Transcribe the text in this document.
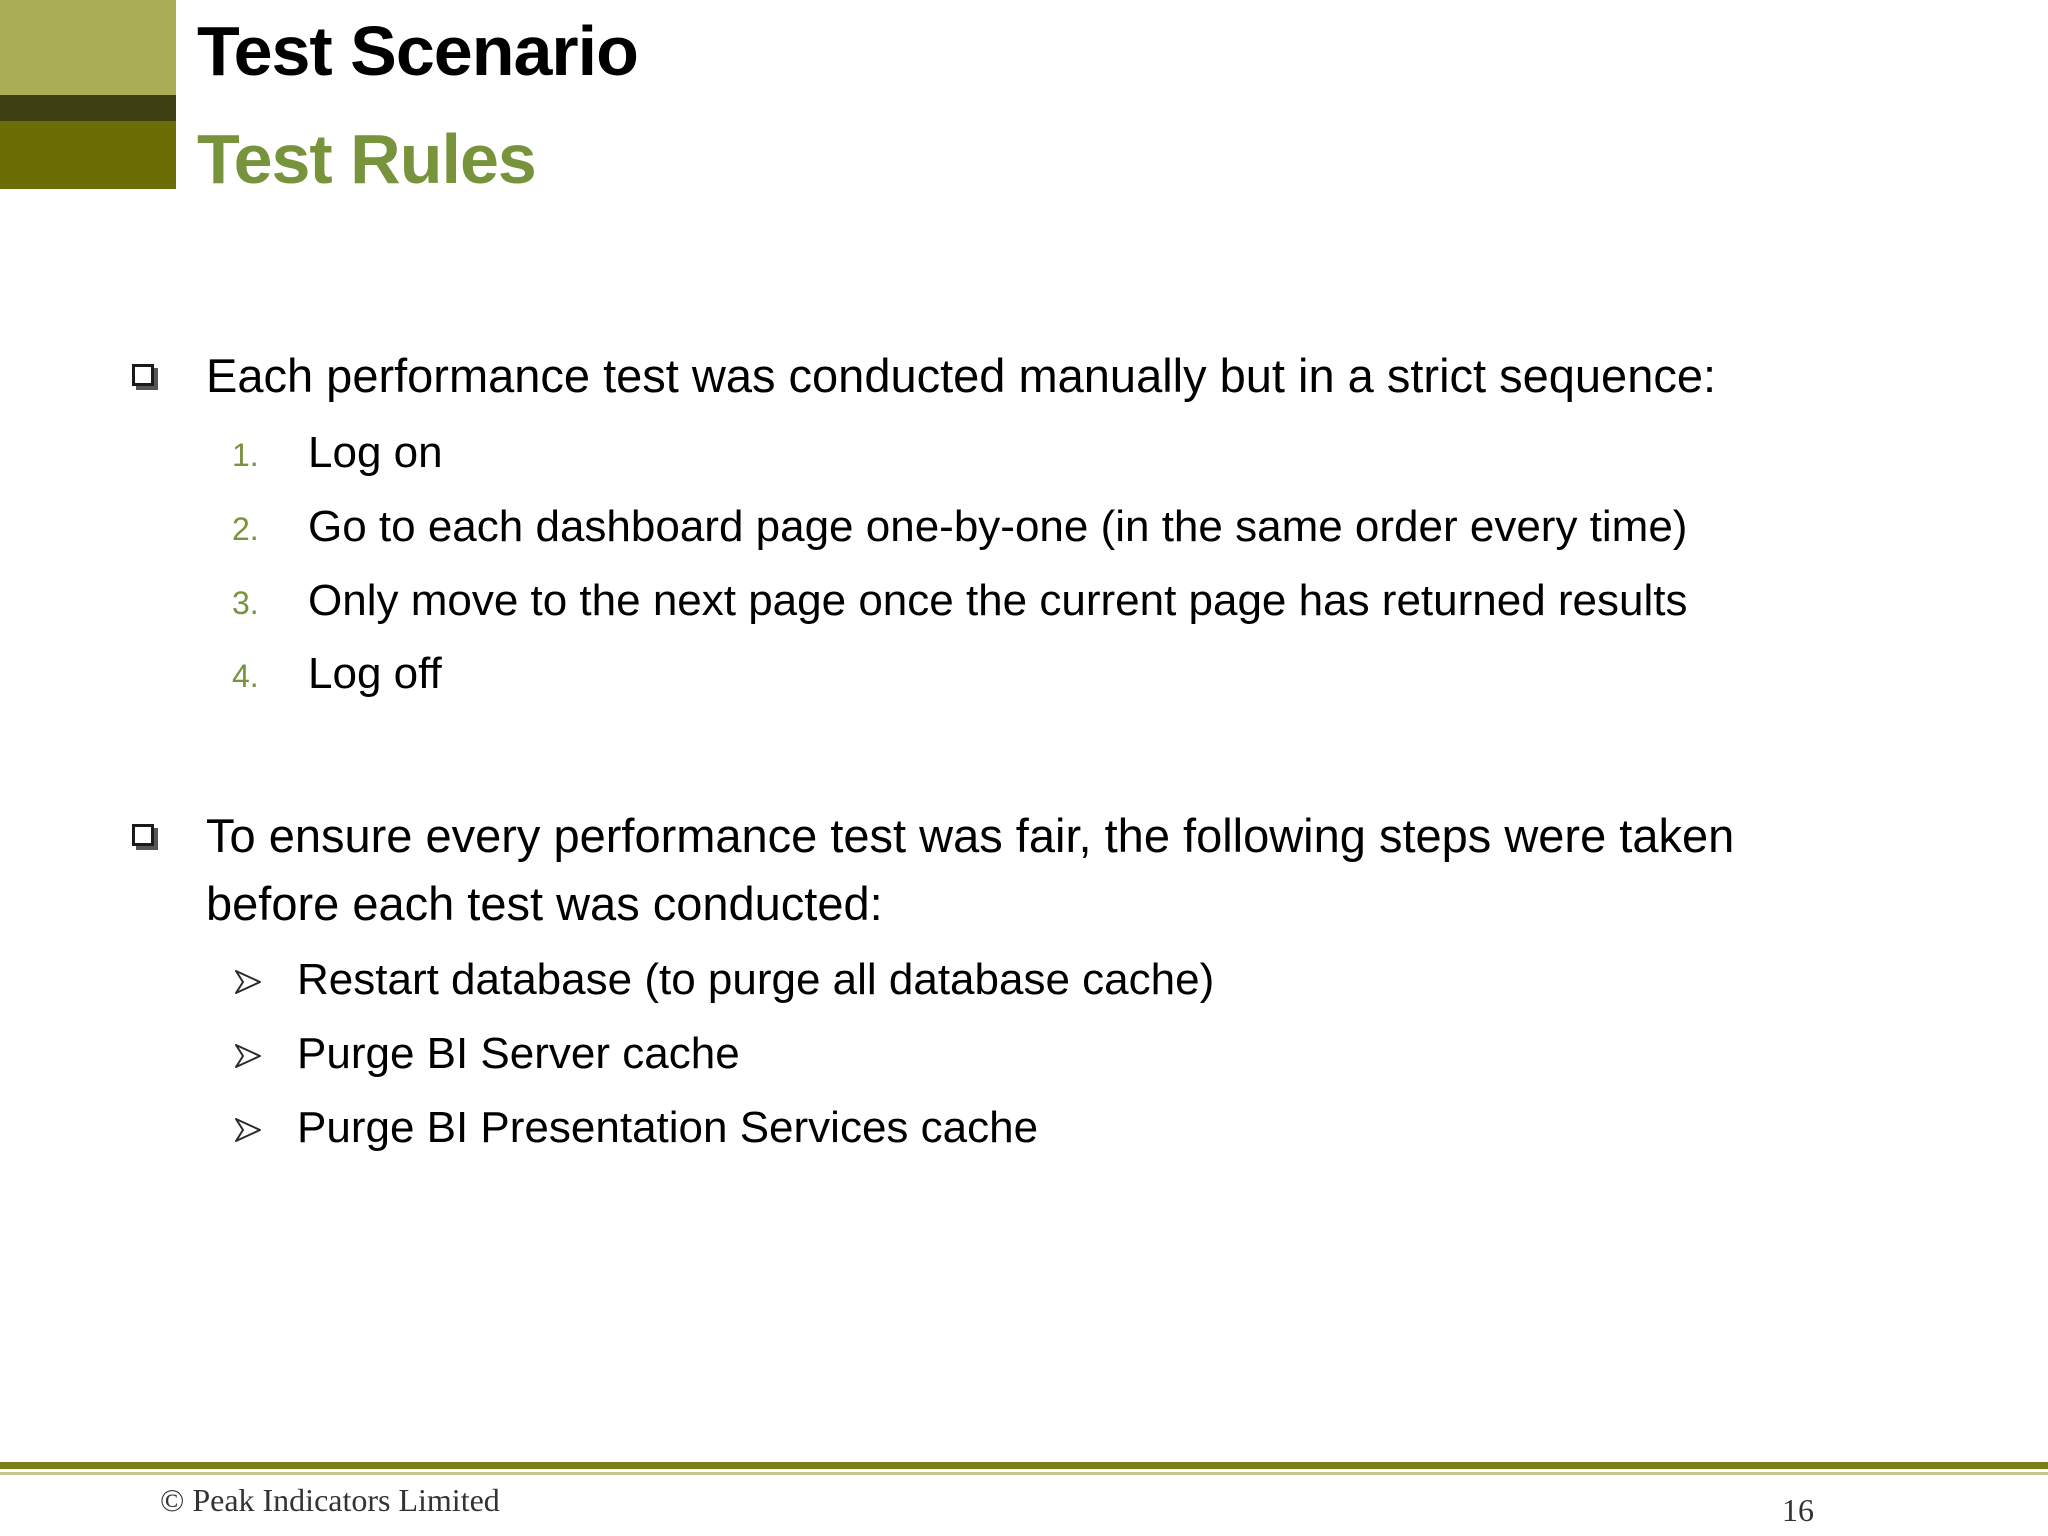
Test Scenario
Test Rules

Each performance test was conducted manually but in a strict sequence:

1. Log on
2. Go to each dashboard page one-by-one (in the same order every time)
3. Only move to the next page once the current page has returned results
4. Log off

To ensure every performance test was fair, the following steps were taken

before each test was conducted:

Restart database (to purge all database cache)
Purge BI Server cache
Purge BI Presentation Services cache
© Peak Indicators Limited	16
